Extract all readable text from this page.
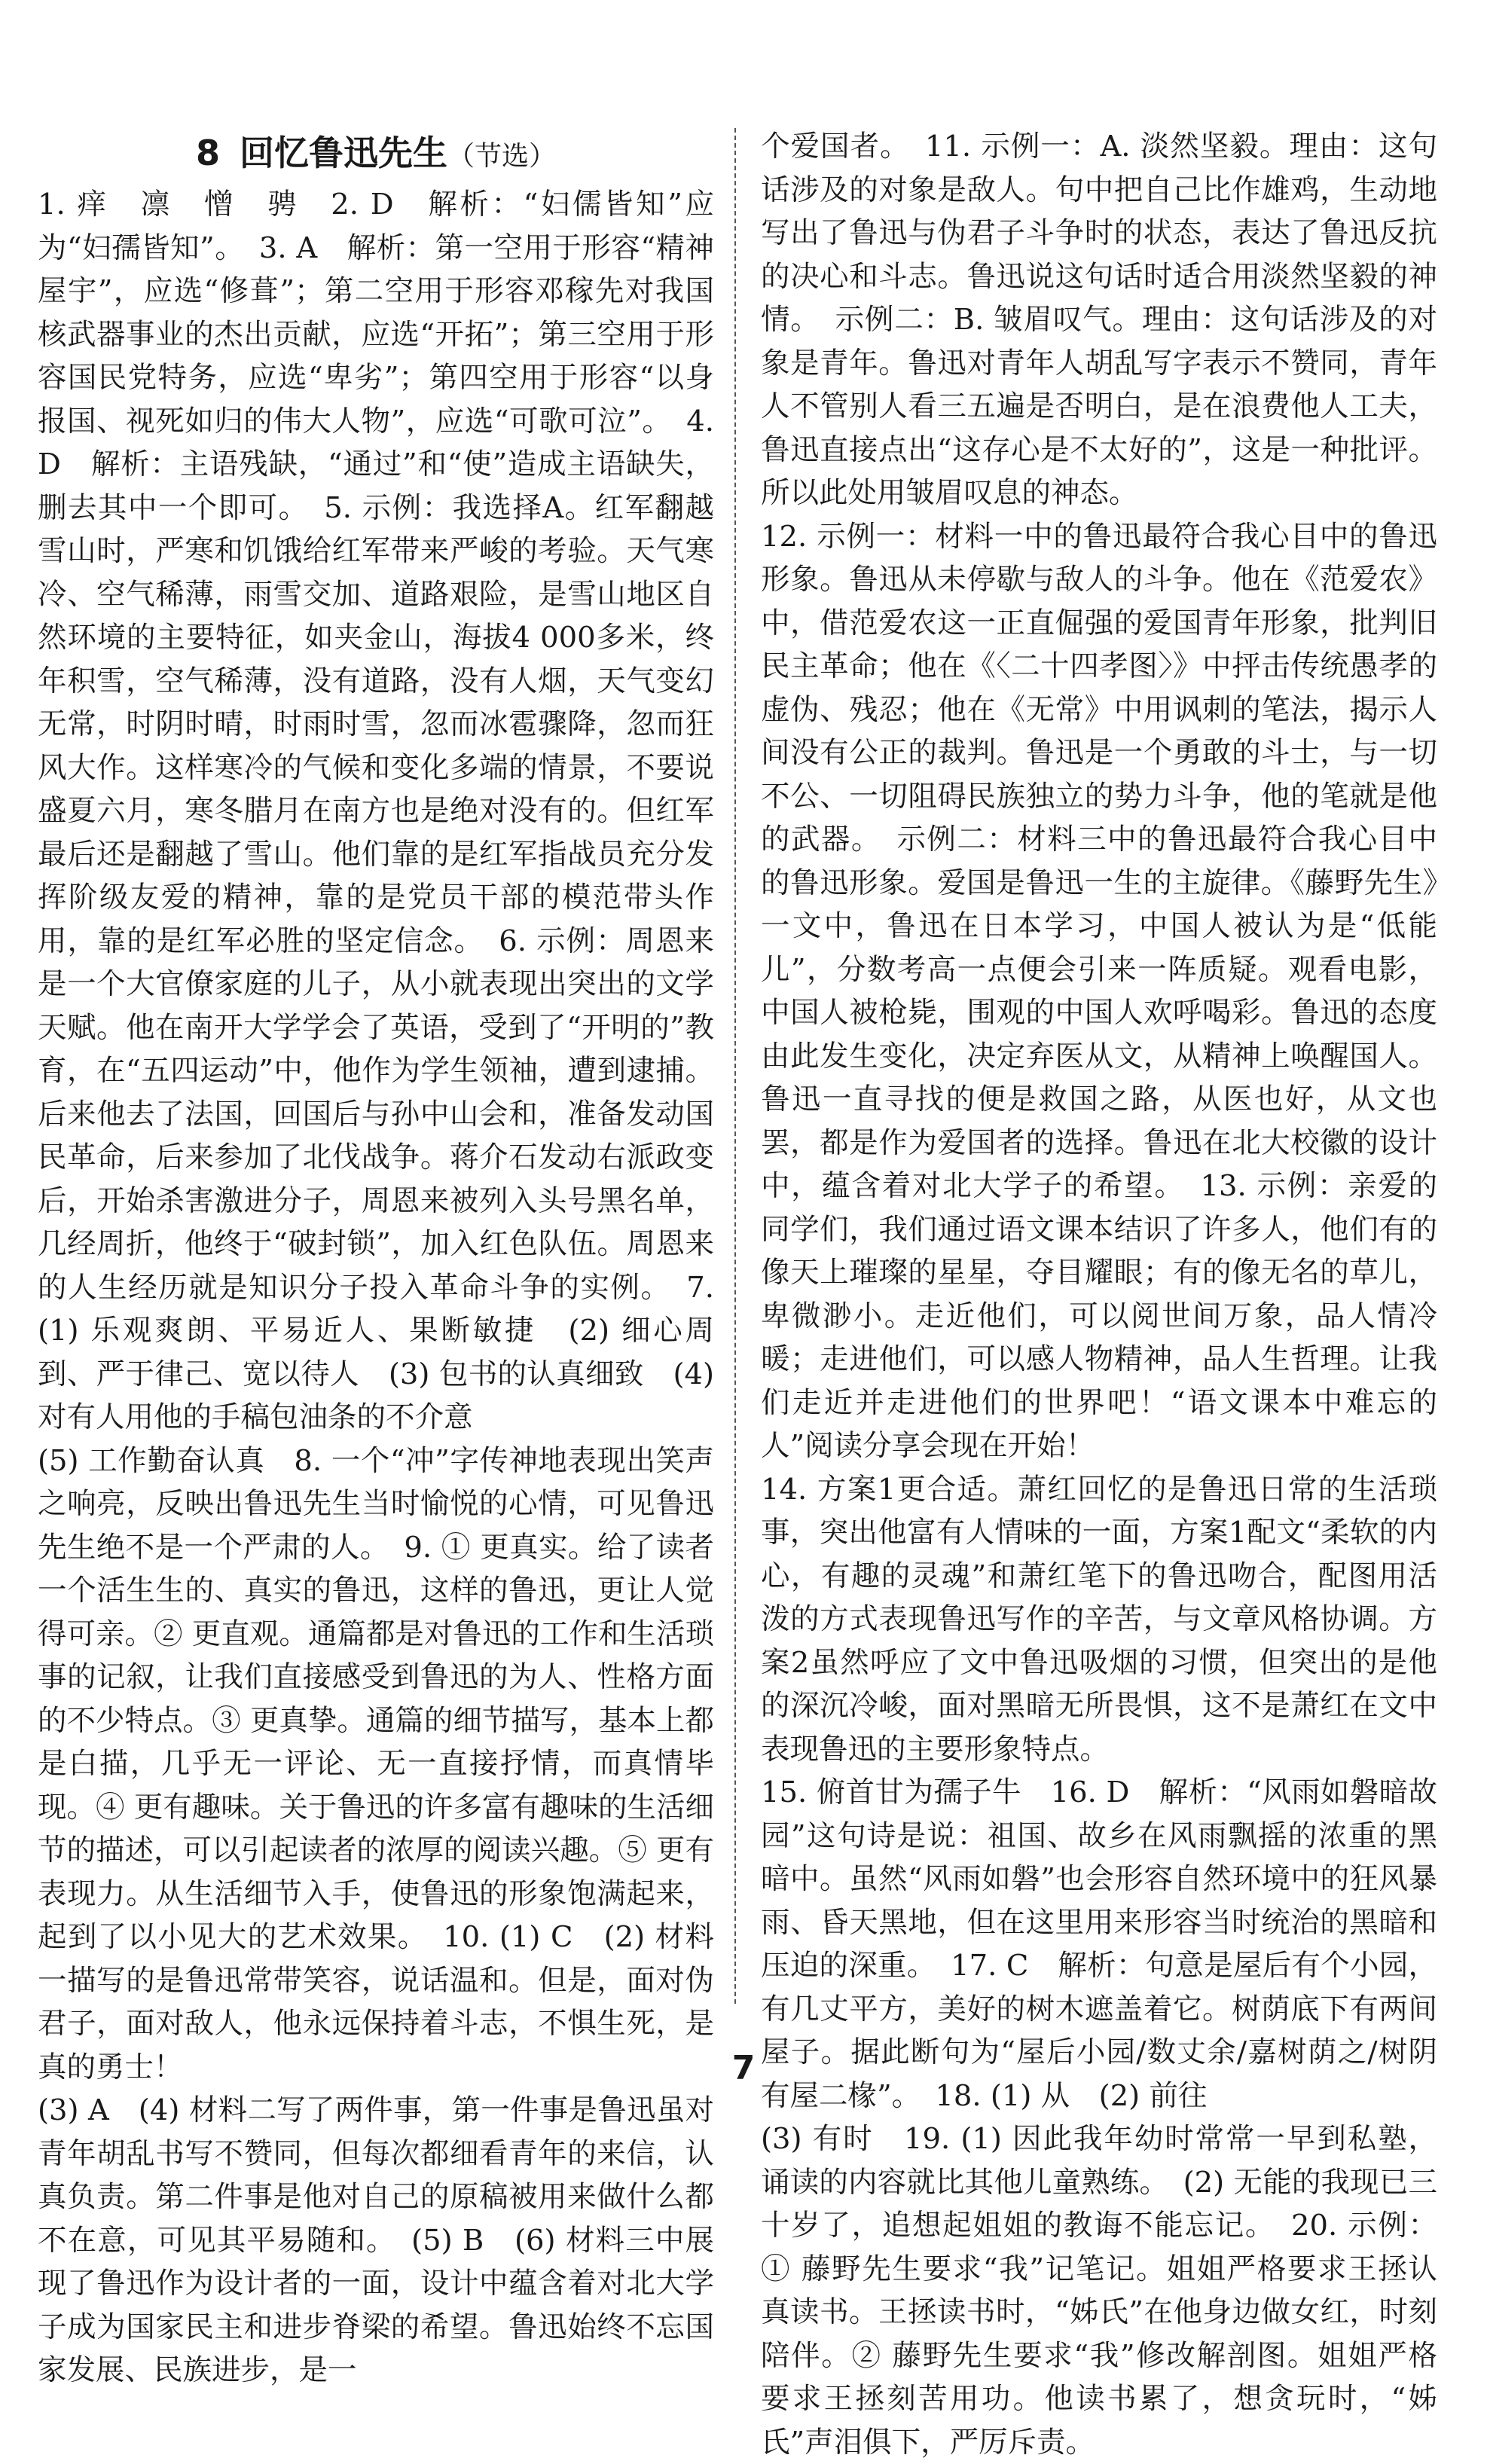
8 回忆鲁迅先生（节选）

1. 痒　凛　憎　骋　2. D　解析：“妇儒皆知”应为“妇孺皆知”。　3. A　解析：第一空用于形容“精神屋宇”，应选“修葺”；第二空用于形容邓稼先对我国核武器事业的杰出贡献，应选“开拓”；第三空用于形容国民党特务，应选“卑劣”；第四空用于形容“以身报国、视死如归的伟大人物”，应选“可歌可泣”。　4. D　解析：主语残缺，“通过”和“使”造成主语缺失，删去其中一个即可。　5. 示例：我选择A。红军翻越雪山时，严寒和饥饿给红军带来严峻的考验。天气寒冷、空气稀薄，雨雪交加、道路艰险，是雪山地区自然环境的主要特征，如夹金山，海拔4 000多米，终年积雪，空气稀薄，没有道路，没有人烟，天气变幻无常，时阴时晴，时雨时雪，忽而冰雹骤降，忽而狂风大作。这样寒冷的气候和变化多端的情景，不要说盛夏六月，寒冬腊月在南方也是绝对没有的。但红军最后还是翻越了雪山。他们靠的是红军指战员充分发挥阶级友爱的精神，靠的是党员干部的模范带头作用，靠的是红军必胜的坚定信念。　6. 示例：周恩来是一个大官僚家庭的儿子，从小就表现出突出的文学天赋。他在南开大学学会了英语，受到了“开明的”教育，在“五四运动”中，他作为学生领袖，遭到逮捕。后来他去了法国，回国后与孙中山会和，准备发动国民革命，后来参加了北伐战争。蒋介石发动右派政变后，开始杀害激进分子，周恩来被列入头号黑名单，几经周折，他终于“破封锁”，加入红色队伍。周恩来的人生经历就是知识分子投入革命斗争的实例。　7. (1) 乐观爽朗、平易近人、果断敏捷　(2) 细心周到、严于律己、宽以待人　(3) 包书的认真细致　(4) 对有人用他的手稿包油条的不介意

(5) 工作勤奋认真　8. 一个“冲”字传神地表现出笑声之响亮，反映出鲁迅先生当时愉悦的心情，可见鲁迅先生绝不是一个严肃的人。　9. ① 更真实。给了读者一个活生生的、真实的鲁迅，这样的鲁迅，更让人觉得可亲。② 更直观。通篇都是对鲁迅的工作和生活琐事的记叙，让我们直接感受到鲁迅的为人、性格方面的不少特点。③ 更真挚。通篇的细节描写，基本上都是白描，几乎无一评论、无一直接抒情，而真情毕现。④ 更有趣味。关于鲁迅的许多富有趣味的生活细节的描述，可以引起读者的浓厚的阅读兴趣。⑤ 更有表现力。从生活细节入手，使鲁迅的形象饱满起来，起到了以小见大的艺术效果。　10. (1) C　(2) 材料一描写的是鲁迅常带笑容，说话温和。但是，面对伪君子，面对敌人，他永远保持着斗志，不惧生死，是真的勇士！

(3) A　(4) 材料二写了两件事，第一件事是鲁迅虽对青年胡乱书写不赞同，但每次都细看青年的来信，认真负责。第二件事是他对自己的原稿被用来做什么都不在意，可见其平易随和。　(5) B　(6) 材料三中展现了鲁迅作为设计者的一面，设计中蕴含着对北大学子成为国家民主和进步脊梁的希望。鲁迅始终不忘国家发展、民族进步，是一

个爱国者。　11. 示例一：A. 淡然坚毅。理由：这句话涉及的对象是敌人。句中把自己比作雄鸡，生动地写出了鲁迅与伪君子斗争时的状态，表达了鲁迅反抗的决心和斗志。鲁迅说这句话时适合用淡然坚毅的神情。　示例二：B. 皱眉叹气。理由：这句话涉及的对象是青年。鲁迅对青年人胡乱写字表示不赞同，青年人不管别人看三五遍是否明白，是在浪费他人工夫，鲁迅直接点出“这存心是不太好的”，这是一种批评。所以此处用皱眉叹息的神态。

12. 示例一：材料一中的鲁迅最符合我心目中的鲁迅形象。鲁迅从未停歇与敌人的斗争。他在《范爱农》中，借范爱农这一正直倔强的爱国青年形象，批判旧民主革命；他在《〈二十四孝图〉》中抨击传统愚孝的虚伪、残忍；他在《无常》中用讽刺的笔法，揭示人间没有公正的裁判。鲁迅是一个勇敢的斗士，与一切不公、一切阻碍民族独立的势力斗争，他的笔就是他的武器。　示例二：材料三中的鲁迅最符合我心目中的鲁迅形象。爱国是鲁迅一生的主旋律。《藤野先生》一文中，鲁迅在日本学习，中国人被认为是“低能儿”，分数考高一点便会引来一阵质疑。观看电影，中国人被枪毙，围观的中国人欢呼喝彩。鲁迅的态度由此发生变化，决定弃医从文，从精神上唤醒国人。鲁迅一直寻找的便是救国之路，从医也好，从文也罢，都是作为爱国者的选择。鲁迅在北大校徽的设计中，蕴含着对北大学子的希望。　13. 示例：亲爱的同学们，我们通过语文课本结识了许多人，他们有的像天上璀璨的星星，夺目耀眼；有的像无名的草儿，卑微渺小。走近他们，可以阅世间万象，品人情冷暖；走进他们，可以感人物精神，品人生哲理。让我们走近并走进他们的世界吧！“语文课本中难忘的人”阅读分享会现在开始！

14. 方案1更合适。萧红回忆的是鲁迅日常的生活琐事，突出他富有人情味的一面，方案1配文“柔软的内心，有趣的灵魂”和萧红笔下的鲁迅吻合，配图用活泼的方式表现鲁迅写作的辛苦，与文章风格协调。方案2虽然呼应了文中鲁迅吸烟的习惯，但突出的是他的深沉冷峻，面对黑暗无所畏惧，这不是萧红在文中表现鲁迅的主要形象特点。

15. 俯首甘为孺子牛　16. D　解析：“风雨如磐暗故园”这句诗是说：祖国、故乡在风雨飘摇的浓重的黑暗中。虽然“风雨如磐”也会形容自然环境中的狂风暴雨、昏天黑地，但在这里用来形容当时统治的黑暗和压迫的深重。　17. C　解析：句意是屋后有个小园，有几丈平方，美好的树木遮盖着它。树荫底下有两间屋子。据此断句为“屋后小园/数丈余/嘉树荫之/树阴有屋二椽”。　18. (1) 从　(2) 前往

(3) 有时　19. (1) 因此我年幼时常常一早到私塾，诵读的内容就比其他儿童熟练。　(2) 无能的我现已三十岁了，追想起姐姐的教诲不能忘记。　20. 示例：① 藤野先生要求“我”记笔记。姐姐严格要求王拯认真读书。王拯读书时，“姊氏”在他身边做女红，时刻陪伴。② 藤野先生要求“我”修改解剖图。姐姐严格要求王拯刻苦用功。他读书累了，想贪玩时，“姊氏”声泪俱下，严厉斥责。

7
